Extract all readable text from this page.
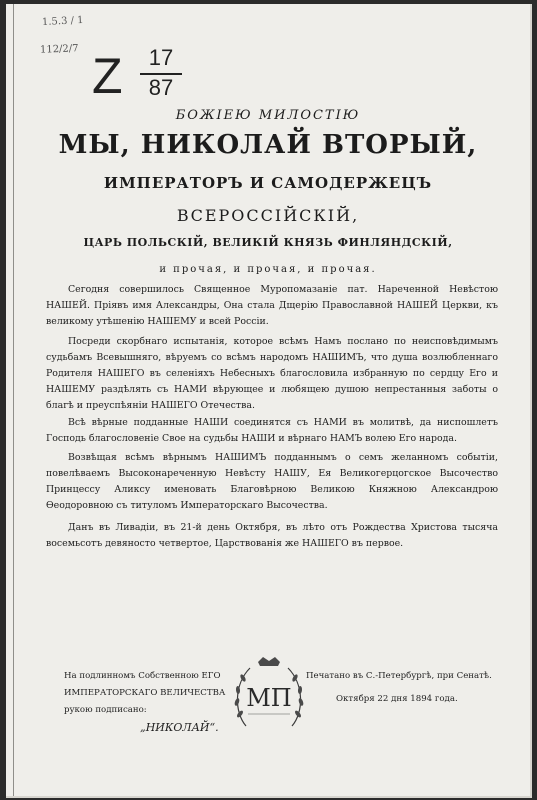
1.5.3 / 1
112/2/7 Z 17
87
БОЖІЕЮ МИЛОСТІЮ
МЫ, НИКОЛАЙ ВТОРЫЙ,
ИМПЕРАТОРЪ И САМОДЕРЖЕЦЪ
ВСЕРОССІЙСКІЙ,
ЦАРЬ ПОЛЬСКІЙ, ВЕЛИКІЙ КНЯЗЬ ФИНЛЯНДСКІЙ,
и прочая, и прочая, и прочая.

Сегодня совершилось Священное Муропомазаніе пат. Нареченной Невѣстою НАШЕЙ. Пріявъ имя Александры, Она стала Дщерію Православной НАШЕЙ Церкви, къ великому утѣшенію НАШЕМУ и всей Россіи.

Посреди скорбнаго испытанія, которое всѣмъ Намъ послано по неисповѣдимымъ судьбамъ Всевышняго, вѣруемъ со всѣмъ народомъ НАШИМЪ, что душа возлюбленнаго Родителя НАШЕГО въ селеніяхъ Небесныхъ благословила избранную по сердцу Его и НАШЕМУ раздѣлять съ НАМИ вѣрующее и любящею душою непрестанныя заботы о благѣ и преуспѣяніи НАШЕГО Отечества.

Всѣ вѣрные подданные НАШИ соединятся съ НАМИ въ молитвѣ, да ниспошлетъ Господь благословеніе Свое на судьбы НАШИ и вѣрнаго НАМЪ волею Его народа.

Возвѣщая всѣмъ вѣрнымъ НАШИМЪ подданнымъ о семъ желанномъ событіи, повелѣваемъ Высоконареченную Невѣсту НАШУ, Ея Великогерцогское Высочество Принцессу Аликсу именовать Благовѣрною Великою Княжною Александрою Ѳеодоровною съ титуломъ Императорскаго Высочества.

Данъ въ Ливадіи, въ 21-й день Октября, въ лѣто отъ Рождества Христова тысяча восемьсотъ девяносто четвертое, Царствованія же НАШЕГО въ первое.

На подлинномъ Собственною ЕГО ИМПЕРАТОРСКАГО ВЕЛИЧЕСТВА рукою подписано:
„НИКОЛАЙ“.
МП
Печатано въ С.-Петербургѣ, при Сенатѣ.
Октября 22 дня 1894 года.
